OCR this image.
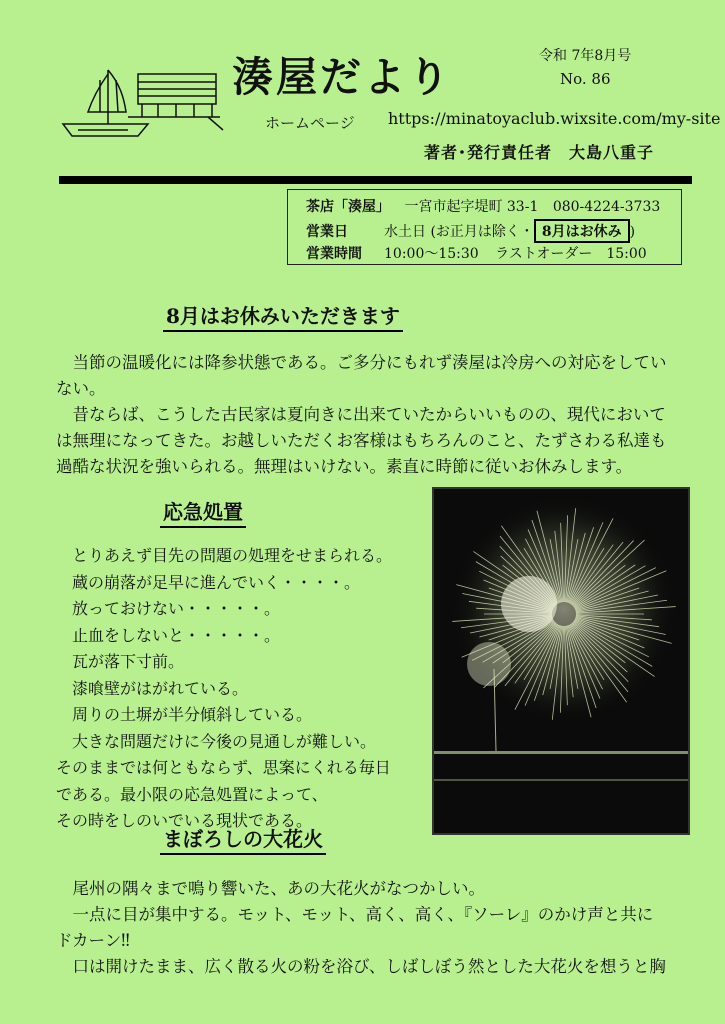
湊屋だより	令和 7年8月号
No. 86
ホームページ https://minatoyaclub.wixsite.com/my-site
著者･発行責任者　大島八重子
茶店「湊屋」 一宮市起字堤町 33-1 080-4224-3733
営業日	水土日 (お正月は除く・ 8月はお休み )
営業時間 10:00～15:30 ラストオーダー　15:00
8月はお休みいただきます
　当節の温暖化には降参状態である。ご多分にもれず湊屋は冷房への対応をしてい
ない。
　昔ならば、こうした古民家は夏向きに出来ていたからいいものの、現代において
は無理になってきた。お越しいただくお客様はもちろんのこと、たずさわる私達も
過酷な状況を強いられる。無理はいけない。素直に時節に従いお休みします。
応急処置
　とりあえず目先の問題の処理をせまられる。
　蔵の崩落が足早に進んでいく・・・・。
　放っておけない・・・・・。
　止血をしないと・・・・・。
　瓦が落下寸前。
　漆喰壁がはがれている。
　周りの土塀が半分傾斜している。
　大きな問題だけに今後の見通しが難しい。
そのままでは何ともならず、思案にくれる毎日
である。最小限の応急処置によって、
その時をしのいでいる現状である。
まぼろしの大花火
　尾州の隅々まで鳴り響いた、あの大花火がなつかしい。
　一点に目が集中する。モット、モット、高く、高く、『ソーレ』のかけ声と共に
ドカーン‼
　口は開けたまま、広く散る火の粉を浴び、しばしぼう然とした大花火を想うと胸
